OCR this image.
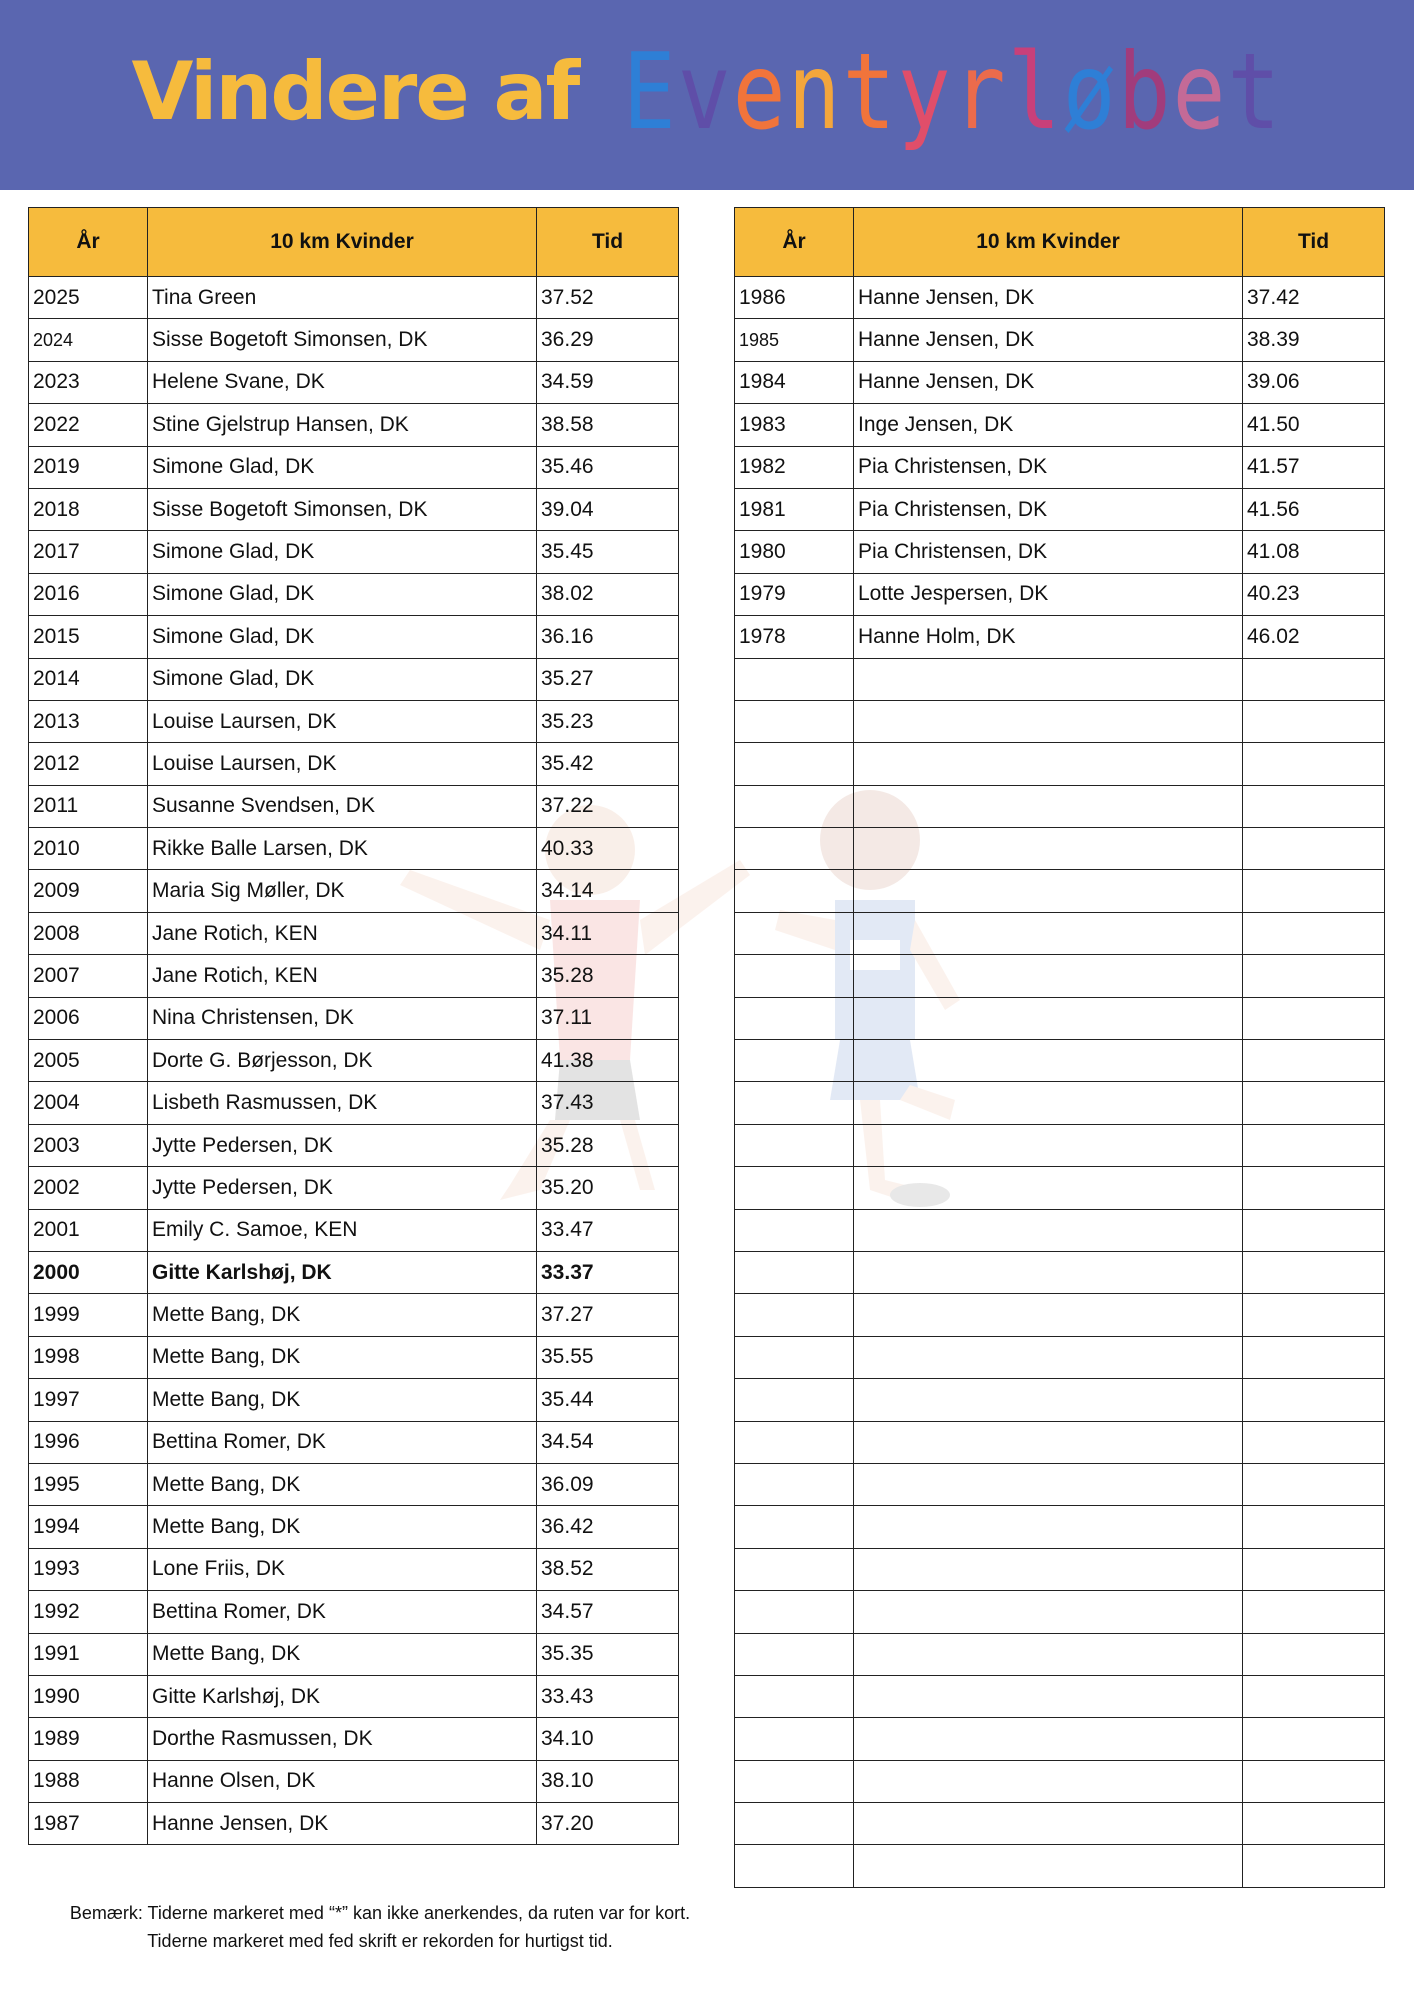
Vindere af Eventyrløbet
År	10 km Kvinder	Tid
2025	Tina Green	37.52
2024	Sisse Bogetoft Simonsen, DK	36.29
2023	Helene Svane, DK	34.59
2022	Stine Gjelstrup Hansen, DK	38.58
2019	Simone Glad, DK	35.46
2018	Sisse Bogetoft Simonsen, DK	39.04
2017	Simone Glad, DK	35.45
2016	Simone Glad, DK	38.02
2015	Simone Glad, DK	36.16
2014	Simone Glad, DK	35.27
2013	Louise Laursen, DK	35.23
2012	Louise Laursen, DK	35.42
2011	Susanne Svendsen, DK	37.22
2010	Rikke Balle Larsen, DK	40.33
2009	Maria Sig Møller, DK	34.14
2008	Jane Rotich, KEN	34.11
2007	Jane Rotich, KEN	35.28
2006	Nina Christensen, DK	37.11
2005	Dorte G. Børjesson, DK	41.38
2004	Lisbeth Rasmussen, DK	37.43
2003	Jytte Pedersen, DK	35.28
2002	Jytte Pedersen, DK	35.20
2001	Emily C. Samoe, KEN	33.47
2000	Gitte Karlshøj, DK	33.37
1999	Mette Bang, DK	37.27
1998	Mette Bang, DK	35.55
1997	Mette Bang, DK	35.44
1996	Bettina Romer, DK	34.54
1995	Mette Bang, DK	36.09
1994	Mette Bang, DK	36.42
1993	Lone Friis, DK	38.52
1992	Bettina Romer, DK	34.57
1991	Mette Bang, DK	35.35
1990	Gitte Karlshøj, DK	33.43
1989	Dorthe Rasmussen, DK	34.10
1988	Hanne Olsen, DK	38.10
1987	Hanne Jensen, DK	37.20
År	10 km Kvinder	Tid
1986	Hanne Jensen, DK	37.42
1985	Hanne Jensen, DK	38.39
1984	Hanne Jensen, DK	39.06
1983	Inge Jensen, DK	41.50
1982	Pia Christensen, DK	41.57
1981	Pia Christensen, DK	41.56
1980	Pia Christensen, DK	41.08
1979	Lotte Jespersen, DK	40.23
1978	Hanne Holm, DK	46.02

Bemærk: Tiderne markeret med “*” kan ikke anerkendes, da ruten var for kort.
Tiderne markeret med fed skrift er rekorden for hurtigst tid.
